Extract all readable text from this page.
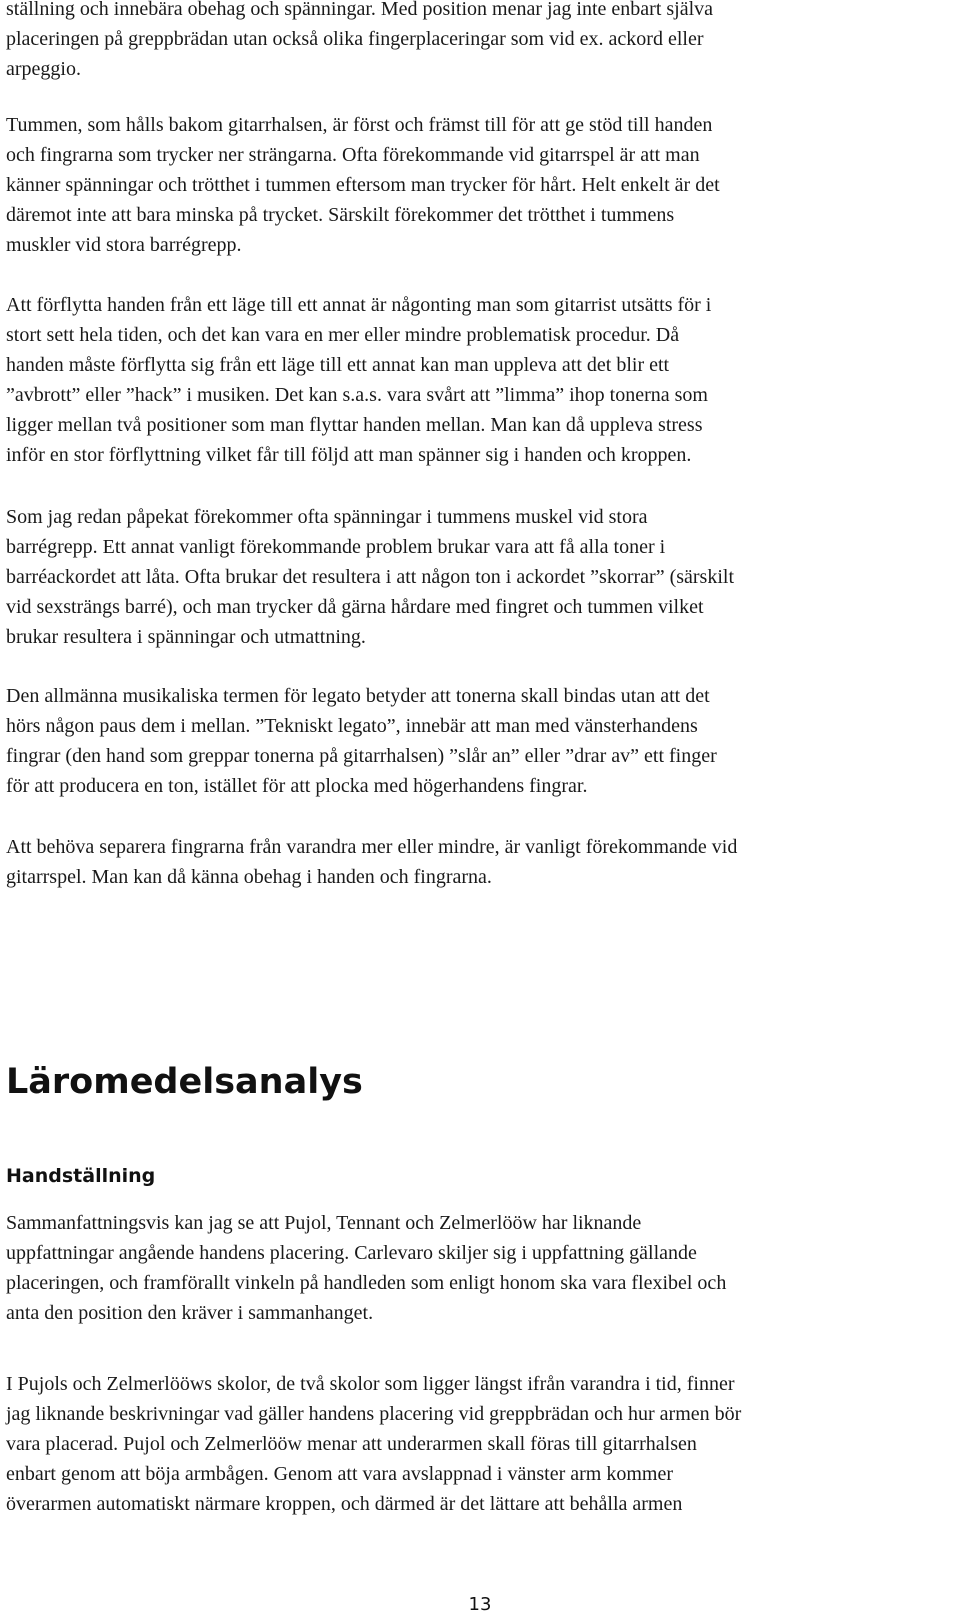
ställning och innebära obehag och spänningar. Med position menar jag inte enbart själva
placeringen på greppbrädan utan också olika fingerplaceringar som vid ex. ackord eller
arpeggio.

Tummen, som hålls bakom gitarrhalsen, är först och främst till för att ge stöd till handen
och fingrarna som trycker ner strängarna. Ofta förekommande vid gitarrspel är att man
känner spänningar och trötthet i tummen eftersom man trycker för hårt. Helt enkelt är det
däremot inte att bara minska på trycket. Särskilt förekommer det trötthet i tummens
muskler vid stora barrégrepp.

Att förflytta handen från ett läge till ett annat är någonting man som gitarrist utsätts för i
stort sett hela tiden, och det kan vara en mer eller mindre problematisk procedur. Då
handen måste förflytta sig från ett läge till ett annat kan man uppleva att det blir ett
”avbrott” eller ”hack” i musiken. Det kan s.a.s. vara svårt att ”limma” ihop tonerna som
ligger mellan två positioner som man flyttar handen mellan. Man kan då uppleva stress
inför en stor förflyttning vilket får till följd att man spänner sig i handen och kroppen.

Som jag redan påpekat förekommer ofta spänningar i tummens muskel vid stora
barrégrepp. Ett annat vanligt förekommande problem brukar vara att få alla toner i
barréackordet att låta. Ofta brukar det resultera i att någon ton i ackordet ”skorrar” (särskilt
vid sexsträngs barré), och man trycker då gärna hårdare med fingret och tummen vilket
brukar resultera i spänningar och utmattning.

Den allmänna musikaliska termen för legato betyder att tonerna skall bindas utan att det
hörs någon paus dem i mellan. ”Tekniskt legato”, innebär att man med vänsterhandens
fingrar (den hand som greppar tonerna på gitarrhalsen) ”slår an” eller ”drar av” ett finger
för att producera en ton, istället för att plocka med högerhandens fingrar.

Att behöva separera fingrarna från varandra mer eller mindre, är vanligt förekommande vid
gitarrspel. Man kan då känna obehag i handen och fingrarna.

Läromedelsanalys
Handställning

Sammanfattningsvis kan jag se att Pujol, Tennant och Zelmerlööw har liknande
uppfattningar angående handens placering. Carlevaro skiljer sig i uppfattning gällande
placeringen, och framförallt vinkeln på handleden som enligt honom ska vara flexibel och
anta den position den kräver i sammanhanget.

I Pujols och Zelmerlööws skolor, de två skolor som ligger längst ifrån varandra i tid, finner
jag liknande beskrivningar vad gäller handens placering vid greppbrädan och hur armen bör
vara placerad. Pujol och Zelmerlööw menar att underarmen skall föras till gitarrhalsen
enbart genom att böja armbågen. Genom att vara avslappnad i vänster arm kommer
överarmen automatiskt närmare kroppen, och därmed är det lättare att behålla armen

13
